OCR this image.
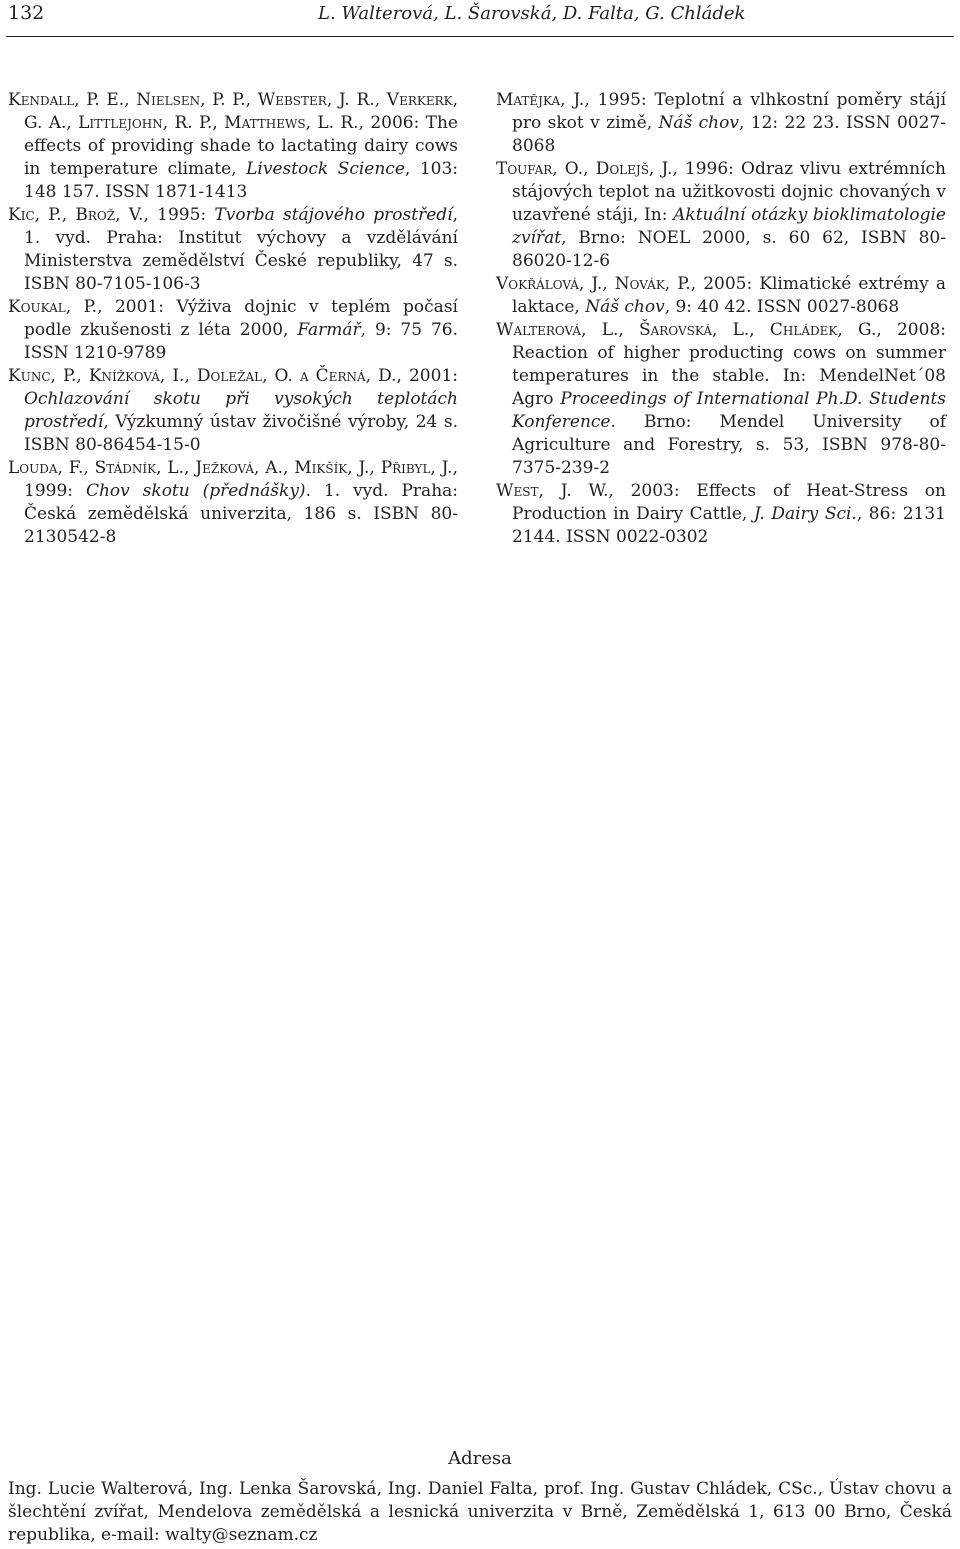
132	L. Walterová, L. Šarovská, D. Falta, G. Chládek

Kendall, P. E., Nielsen, P. P., Webster, J. R., Verkerk, G. A., Littlejohn, R. P., Matthews, L. R., 2006: The effects of providing shade to lactating dairy cows in temperature climate, Livestock Science, 103: 148 157. ISSN 1871-1413

Kic, P., Brož, V., 1995: Tvorba stájového prostředí, 1. vyd. Praha: Institut výchovy a vzdělávání Ministerstva zemědělství České republiky, 47 s. ISBN 80-7105-106-3

Koukal, P., 2001: Výživa dojnic v teplém počasí podle zkušenosti z léta 2000, Farmář, 9: 75 76. ISSN 1210-9789

Kunc, P., Knížková, I., Doležal, O. a Černá, D., 2001: Ochlazování skotu při vysokých teplotách prostředí, Výzkumný ústav živočišné výroby, 24 s. ISBN 80-86454-15-0

Louda, F., Stádník, L., Ježková, A., Mikšík, J., Přibyl, J., 1999: Chov skotu (přednášky). 1. vyd. Praha: Česká zemědělská univerzita, 186 s. ISBN 80-2130542-8

Matějka, J., 1995: Teplotní a vlhkostní poměry stájí pro skot v zimě, Náš chov, 12: 22 23. ISSN 0027-8068

Toufar, O., Dolejš, J., 1996: Odraz vlivu extrémních stájových teplot na užitkovosti dojnic chovaných v uzavřené stáji, In: Aktuální otázky bioklimatologie zvířat, Brno: NOEL 2000, s. 60 62, ISBN 80-86020-12-6

Vokřálová, J., Novák, P., 2005: Klimatické extrémy a laktace, Náš chov, 9: 40 42. ISSN 0027-8068

Walterová, L., Šarovská, L., Chládek, G., 2008: Reaction of higher producting cows on summer temperatures in the stable. In: MendelNet´08 Agro Proceedings of International Ph.D. Students Konference. Brno: Mendel University of Agriculture and Forestry, s. 53, ISBN 978-80-7375-239-2

West, J. W., 2003: Effects of Heat-Stress on Production in Dairy Cattle, J. Dairy Sci., 86: 2131 2144. ISSN 0022-0302

Adresa

Ing. Lucie Walterová, Ing. Lenka Šarovská, Ing. Daniel Falta, prof. Ing. Gustav Chládek, CSc., Ústav chovu a šlechtění zvířat, Mendelova zemědělská a lesnická univerzita v Brně, Zemědělská 1, 613 00 Brno, Česká republika, e-mail: walty@seznam.cz
